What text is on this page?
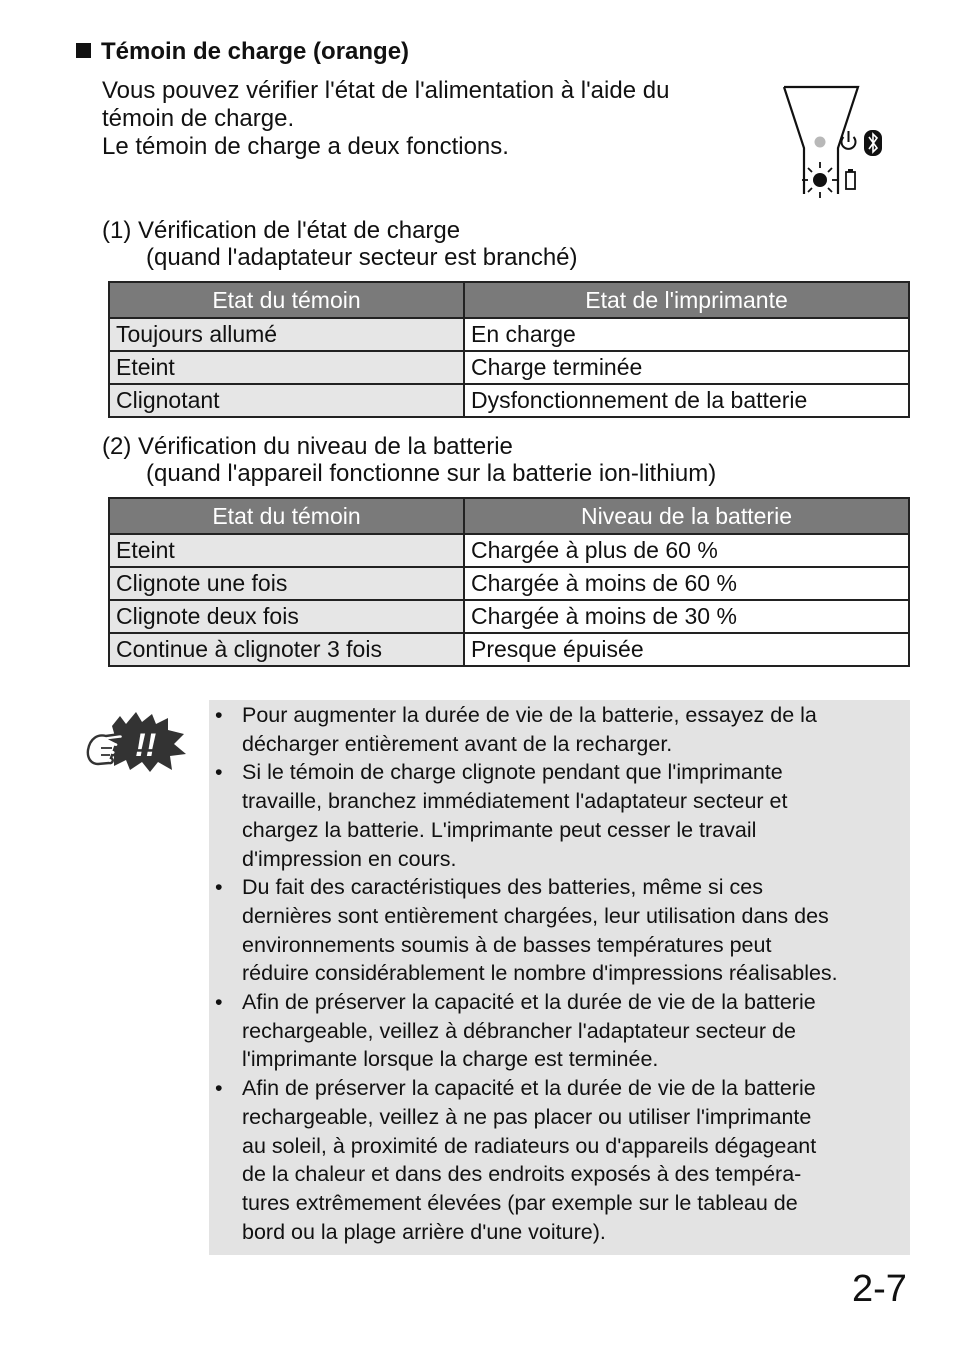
Témoin de charge (orange)
Vous pouvez vérifier l'état de l'alimentation à l'aide du
témoin de charge.
Le témoin de charge a deux fonctions.
(1) Vérification de l'état de charge
(quand l'adaptateur secteur est branché)
Etat du témoin	Etat de l'imprimante
Toujours allumé	En charge
Eteint	Charge terminée
Clignotant	Dysfonctionnement de la batterie
(2) Vérification du niveau de la batterie
(quand l'appareil fonctionne sur la batterie ion-lithium)
Etat du témoin	Niveau de la batterie
Eteint	Chargée à plus de 60 %
Clignote une fois	Chargée à moins de 60 %
Clignote deux fois	Chargée à moins de 30 %
Continue à clignoter 3 fois	Presque épuisée
!!
• Pour augmenter la durée de vie de la batterie, essayez de la
décharger entièrement avant de la recharger.
• Si le témoin de charge clignote pendant que l'imprimante
travaille, branchez immédiatement l'adaptateur secteur et
chargez la batterie. L'imprimante peut cesser le travail
d'impression en cours.
• Du fait des caractéristiques des batteries, même si ces
dernières sont entièrement chargées, leur utilisation dans des
environnements soumis à de basses températures peut
réduire considérablement le nombre d'impressions réalisables.
• Afin de préserver la capacité et la durée de vie de la batterie
rechargeable, veillez à débrancher l'adaptateur secteur de
l'imprimante lorsque la charge est terminée.
• Afin de préserver la capacité et la durée de vie de la batterie
rechargeable, veillez à ne pas placer ou utiliser l'imprimante
au soleil, à proximité de radiateurs ou d'appareils dégageant
de la chaleur et dans des endroits exposés à des tempéra-
tures extrêmement élevées (par exemple sur le tableau de
bord ou la plage arrière d'une voiture).
2-7
